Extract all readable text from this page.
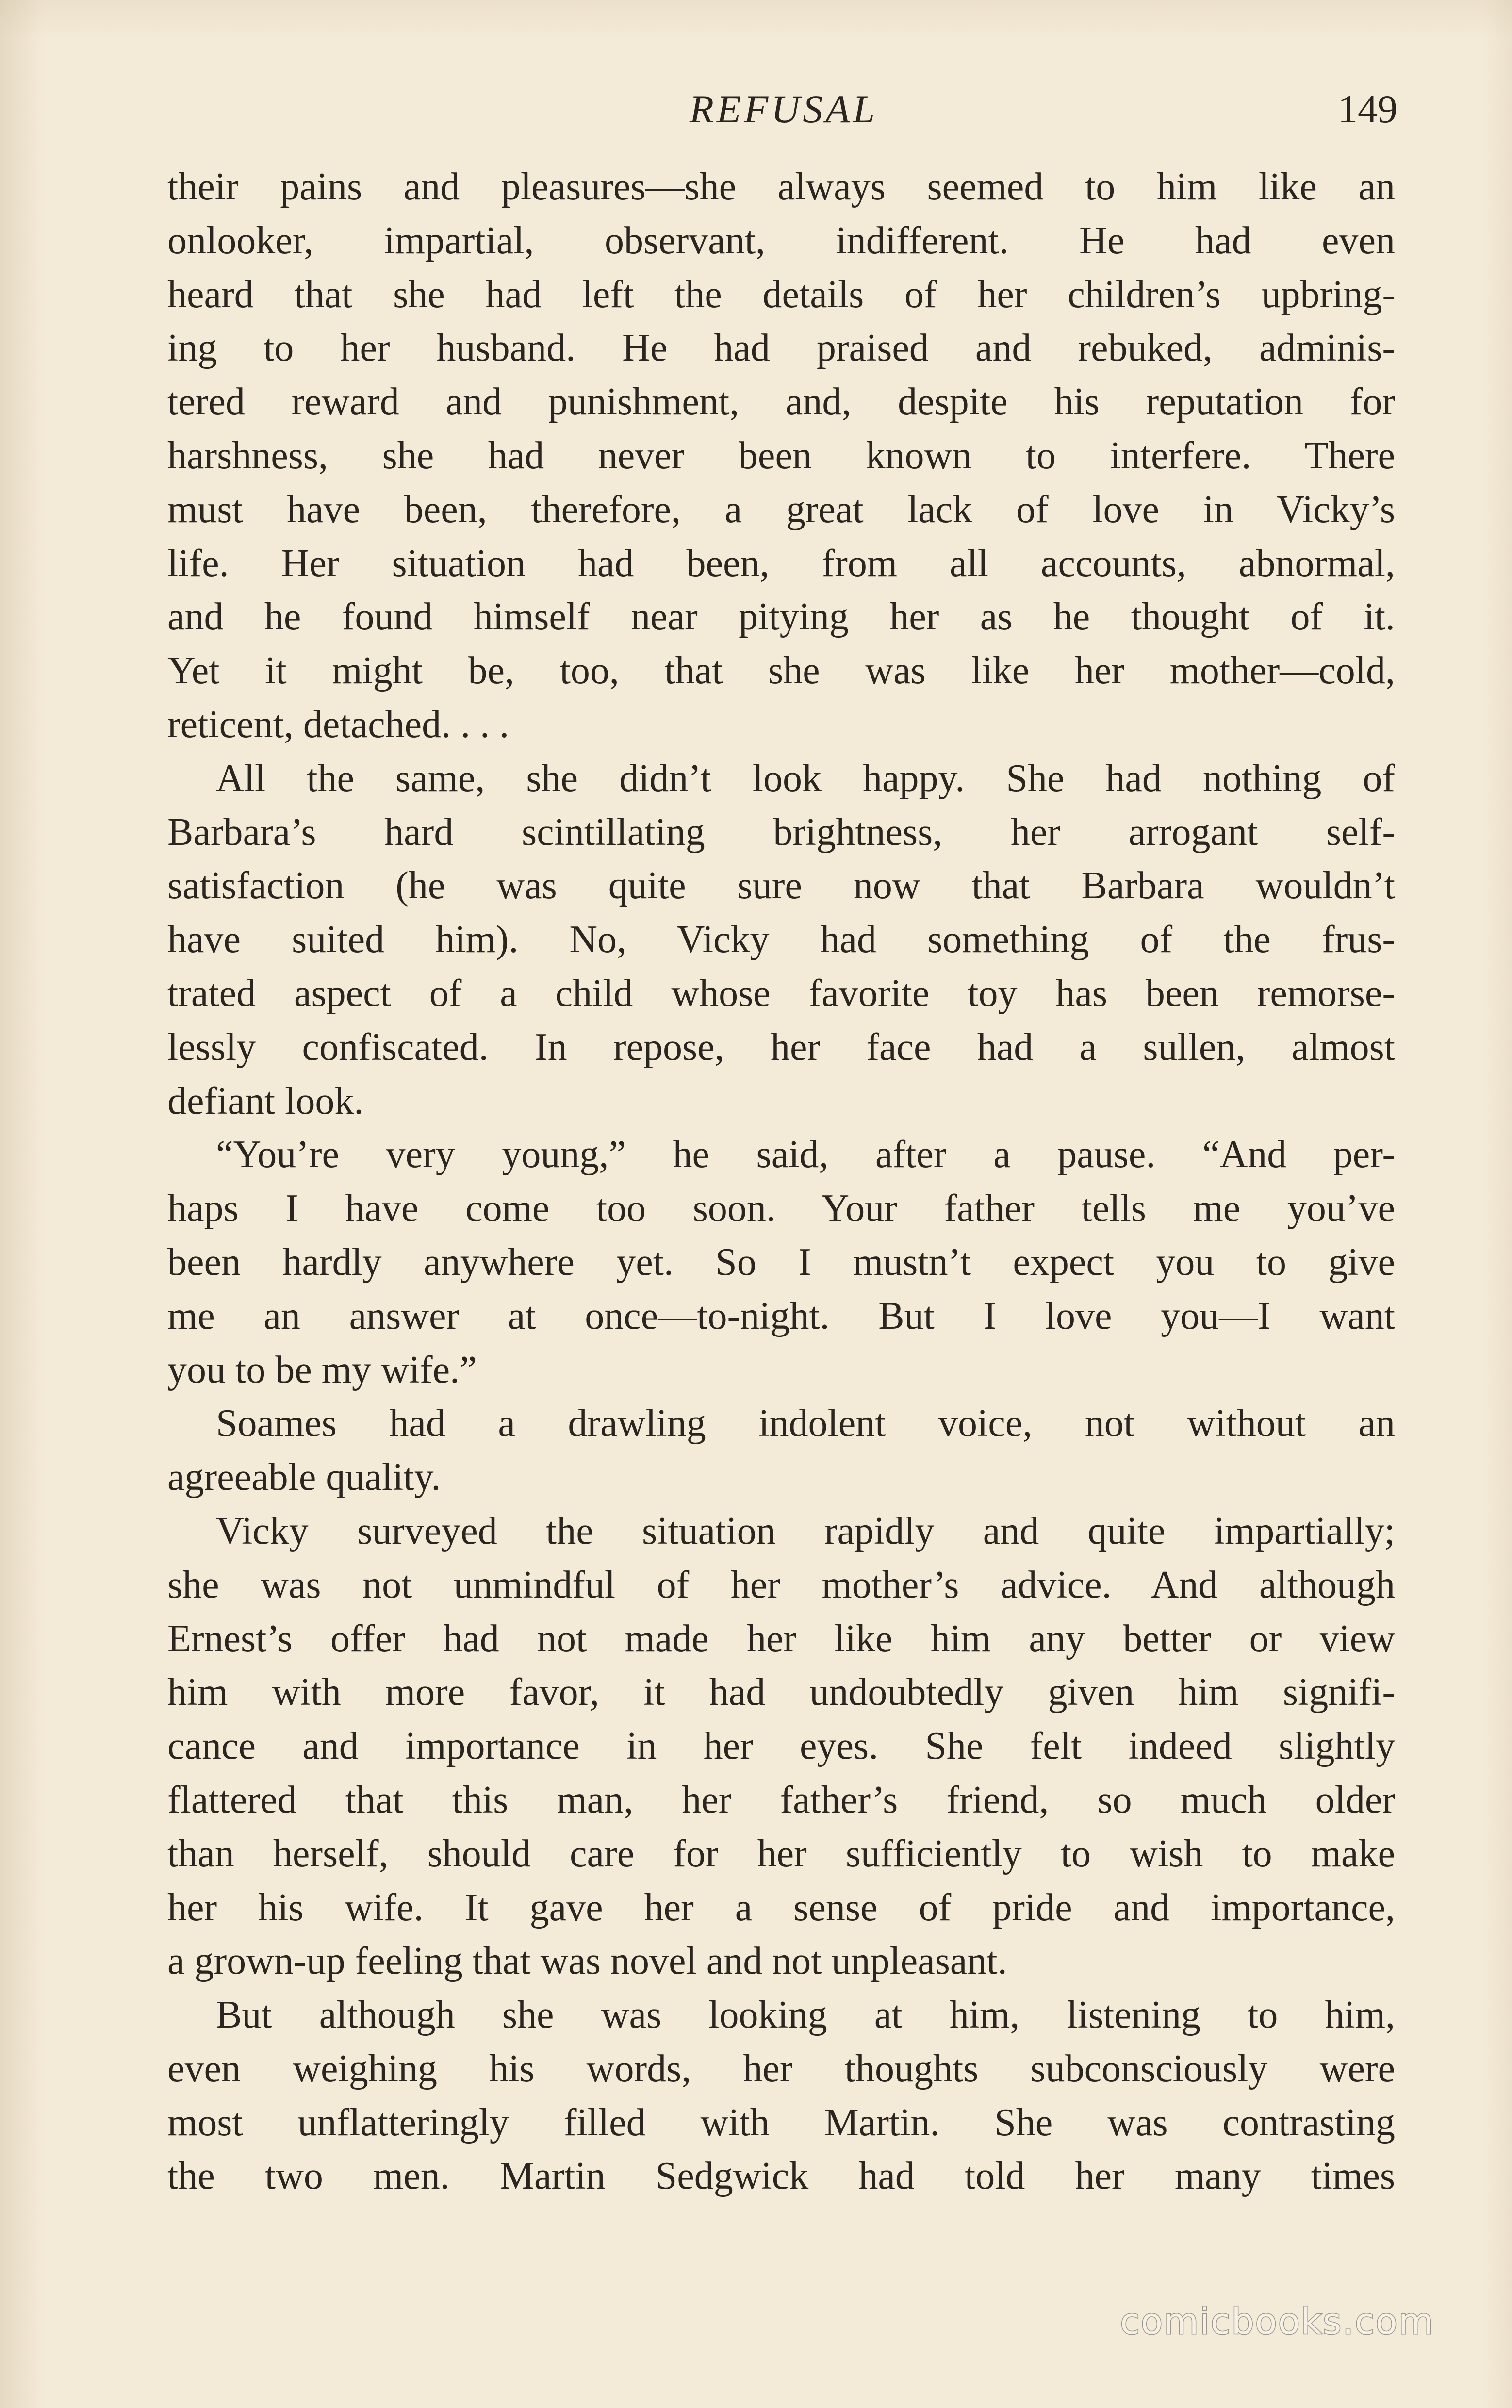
REFUSAL	149
their pains and pleasures—she always seemed to him like an
onlooker, impartial, observant, indifferent. He had even
heard that she had left the details of her children’s upbring-
ing to her husband. He had praised and rebuked, adminis-
tered reward and punishment, and, despite his reputation for
harshness, she had never been known to interfere. There
must have been, therefore, a great lack of love in Vicky’s
life. Her situation had been, from all accounts, abnormal,
and he found himself near pitying her as he thought of it.
Yet it might be, too, that she was like her mother—cold,
reticent, detached. . . .
All the same, she didn’t look happy. She had nothing of
Barbara’s hard scintillating brightness, her arrogant self-
satisfaction (he was quite sure now that Barbara wouldn’t
have suited him). No, Vicky had something of the frus-
trated aspect of a child whose favorite toy has been remorse-
lessly confiscated. In repose, her face had a sullen, almost
defiant look.
“You’re very young,” he said, after a pause. “And per-
haps I have come too soon. Your father tells me you’ve
been hardly anywhere yet. So I mustn’t expect you to give
me an answer at once—to-night. But I love you—I want
you to be my wife.”
Soames had a drawling indolent voice, not without an
agreeable quality.
Vicky surveyed the situation rapidly and quite impartially;
she was not unmindful of her mother’s advice. And although
Ernest’s offer had not made her like him any better or view
him with more favor, it had undoubtedly given him signifi-
cance and importance in her eyes. She felt indeed slightly
flattered that this man, her father’s friend, so much older
than herself, should care for her sufficiently to wish to make
her his wife. It gave her a sense of pride and importance,
a grown-up feeling that was novel and not unpleasant.
But although she was looking at him, listening to him,
even weighing his words, her thoughts subconsciously were
most unflatteringly filled with Martin. She was contrasting
the two men. Martin Sedgwick had told her many times
comicbooks.com
